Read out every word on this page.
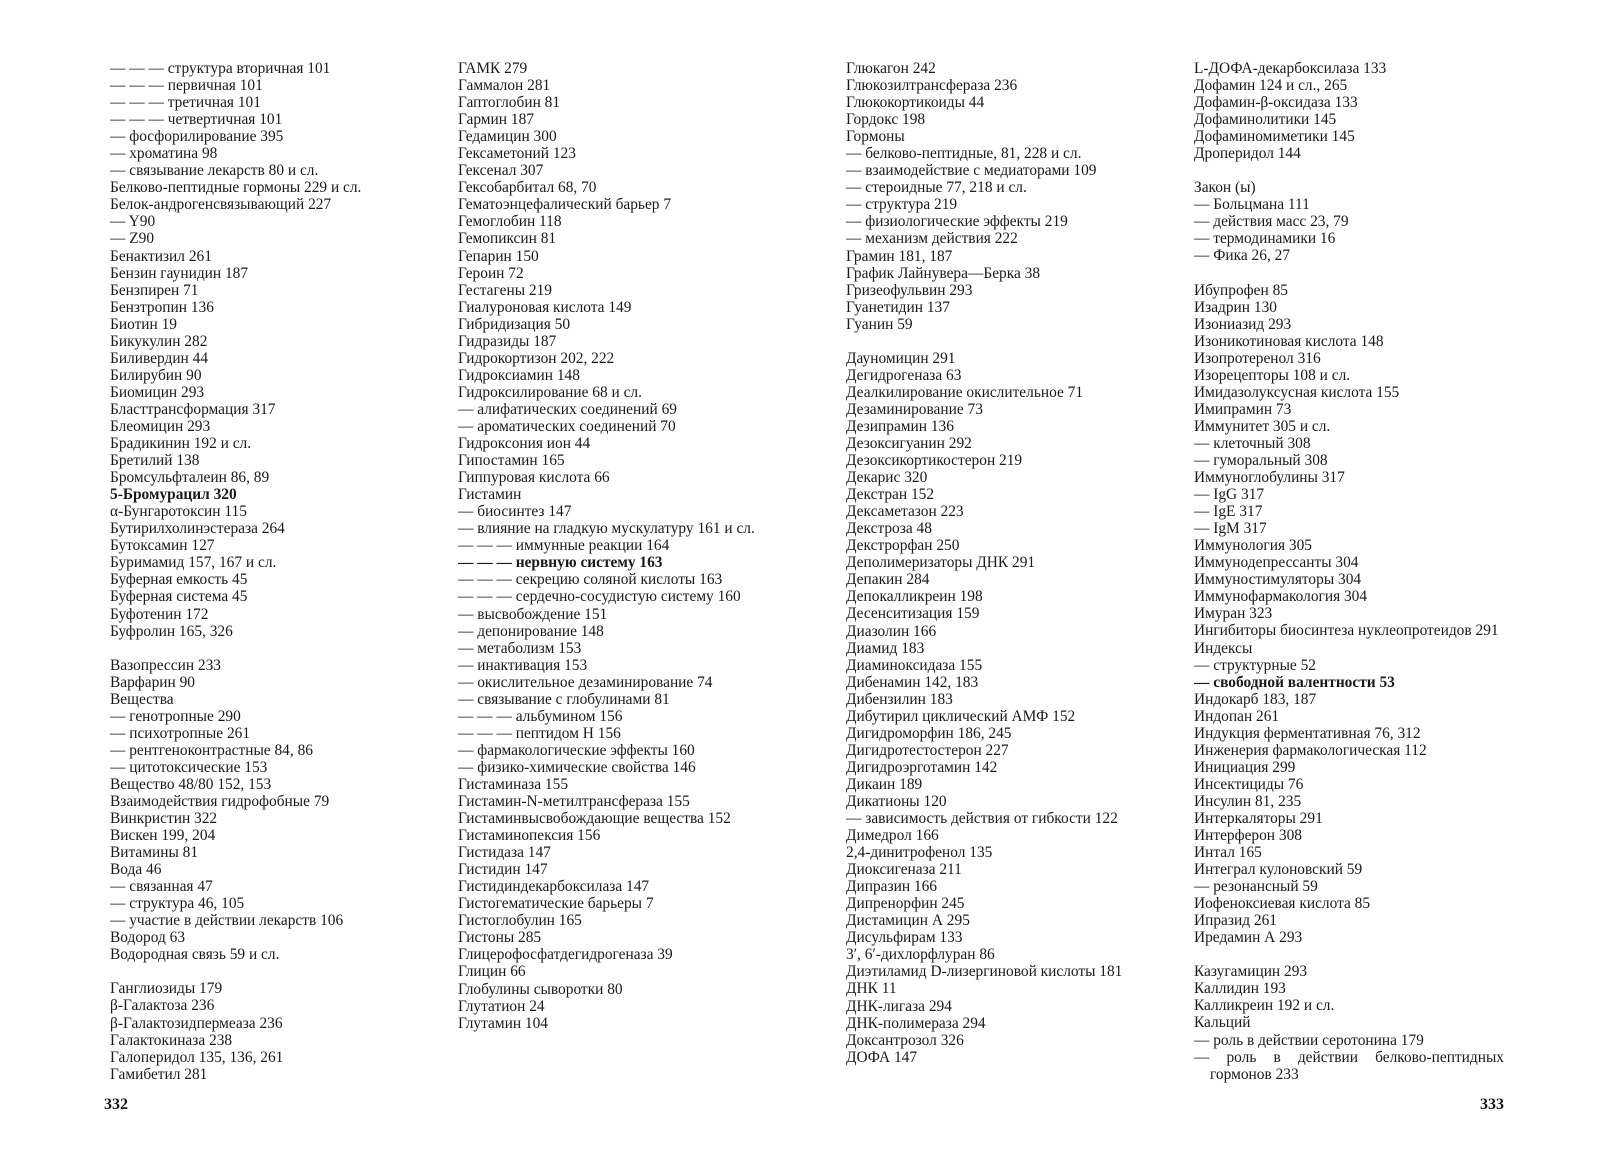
— — — структура вторичная 101
— — — первичная 101
— — — третичная 101
— — — четвертичная 101
— фосфорилирование 395
— хроматина 98
— связывание лекарств 80 и сл.
Белково-пептидные гормоны 229 и сл.
Белок-андрогенсвязывающий 227
— Y90
— Z90
Бенактизил 261
Бензин гаунидин 187
Бензпирен 71
Бензтропин 136
Биотин 19
Бикукулин 282
Биливердин 44
Билирубин 90
Биомицин 293
Бласттрансформация 317
Блеомицин 293
Брадикинин 192 и сл.
Бретилий 138
Бромсульфталеин 86, 89
5-Бромурацил 320
α-Бунгаротоксин 115
Бутирилхолинэстераза 264
Бутоксамин 127
Буримамид 157, 167 и сл.
Буферная емкость 45
Буферная система 45
Буфотенин 172
Буфролин 165, 326
Вазопрессин 233
Варфарин 90
Вещества
— генотропные 290
— психотропные 261
— рентгеноконтрастные 84, 86
— цитотоксические 153
Вещество 48/80 152, 153
Взаимодействия гидрофобные 79
Винкристин 322
Вискен 199, 204
Витамины 81
Вода 46
— связанная 47
— структура 46, 105
— участие в действии лекарств 106
Водород 63
Водородная связь 59 и сл.
Ганглиозиды 179
β-Галактоза 236
β-Галактозидпермеаза 236
Галактокиназа 238
Галоперидол 135, 136, 261
Гамибетил 281
ГАМК 279
Гаммалон 281
Гаптоглобин 81
Гармин 187
Гедамицин 300
Гексаметоний 123
Гексенал 307
Гексобарбитал 68, 70
Гематоэнцефалический барьер 7
Гемоглобин 118
Гемопиксин 81
Гепарин 150
Героин 72
Гестагены 219
Гиалуроновая кислота 149
Гибридизация 50
Гидразиды 187
Гидрокортизон 202, 222
Гидроксиамин 148
Гидроксилирование 68 и сл.
— алифатических соединений 69
— ароматических соединений 70
Гидроксония ион 44
Гипостамин 165
Гиппуровая кислота 66
Гистамин
— биосинтез 147
— влияние на гладкую мускулатуру 161 и сл.
— — — иммунные реакции 164
— — — нервную систему 163
— — — секрецию соляной кислоты 163
— — — сердечно-сосудистую систему 160
— высвобождение 151
— депонирование 148
— метаболизм 153
— инактивация 153
— окислительное дезаминирование 74
— связывание с глобулинами 81
— — — альбумином 156
— — — пептидом Н 156
— фармакологические эффекты 160
— физико-химические свойства 146
Гистаминаза 155
Гистамин-N-метилтрансфераза 155
Гистаминвысвобождающие вещества 152
Гистаминопексия 156
Гистидаза 147
Гистидин 147
Гистидиндекарбоксилаза 147
Гистогематические барьеры 7
Гистоглобулин 165
Гистоны 285
Глицерофосфатдегидрогеназа 39
Глицин 66
Глобулины сыворотки 80
Глутатион 24
Глутамин 104
332
Глюкагон 242
Глюкозилтрансфераза 236
Глюкокортикоиды 44
Гордокс 198
Гормоны
— белково-пептидные, 81, 228 и сл.
— взаимодействие с медиаторами 109
— стероидные 77, 218 и сл.
— структура 219
— физиологические эффекты 219
— механизм действия 222
Грамин 181, 187
График Лайнувера—Берка 38
Гризеофульвин 293
Гуанетидин 137
Гуанин 59
Дауномицин 291
Дегидрогеназа 63
Деалкилирование окислительное 71
Дезаминирование 73
Дезипрамин 136
Дезоксигуанин 292
Дезоксикортикостерон 219
Декарис 320
Декстран 152
Дексаметазон 223
Декстроза 48
Декстрорфан 250
Деполимеризаторы ДНК 291
Депакин 284
Депокалликреин 198
Десенситизация 159
Диазолин 166
Диамид 183
Диаминоксидаза 155
Дибенамин 142, 183
Дибензилин 183
Дибутирил циклический АМФ 152
Дигидроморфин 186, 245
Дигидротестостерон 227
Дигидроэрготамин 142
Дикаин 189
Дикатионы 120
— зависимость действия от гибкости 122
Димедрол 166
2,4-динитрофенол 135
Диоксигеназа 211
Дипразин 166
Дипренорфин 245
Дистамицин А 295
Дисульфирам 133
3′, 6′-дихлорфлуран 86
Диэтиламид D-лизергиновой кислоты 181
ДНК 11
ДНК-лигаза 294
ДНК-полимераза 294
Доксантрозол 326
ДОФА 147
L-ДОФА-декарбоксилаза 133
Дофамин 124 и сл., 265
Дофамин-β-оксидаза 133
Дофаминолитики 145
Дофаминомиметики 145
Дроперидол 144
Закон (ы)
— Больцмана 111
— действия масс 23, 79
— термодинамики 16
— Фика 26, 27
Ибупрофен 85
Изадрин 130
Изониазид 293
Изоникотиновая кислота 148
Изопротеренол 316
Изорецепторы 108 и сл.
Имидазолуксусная кислота 155
Имипрамин 73
Иммунитет 305 и сл.
— клеточный 308
— гуморальный 308
Иммуноглобулины 317
— IgG 317
— IgE 317
— IgM 317
Иммунология 305
Иммунодепрессанты 304
Иммуностимуляторы 304
Иммунофармакология 304
Имуран 323
Ингибиторы биосинтеза нуклеопротеидов 291
Индексы
— структурные 52
— свободной валентности 53
Индокарб 183, 187
Индопан 261
Индукция ферментативная 76, 312
Инженерия фармакологическая 112
Инициация 299
Инсектициды 76
Инсулин 81, 235
Интеркаляторы 291
Интерферон 308
Интал 165
Интеграл кулоновский 59
— резонансный 59
Иофеноксиевая кислота 85
Ипразид 261
Иредамин А 293
Казугамицин 293
Каллидин 193
Калликреин 192 и сл.
Кальций
— роль в действии серотонина 179
— роль в действии белково-пептидных гормонов 233
333
